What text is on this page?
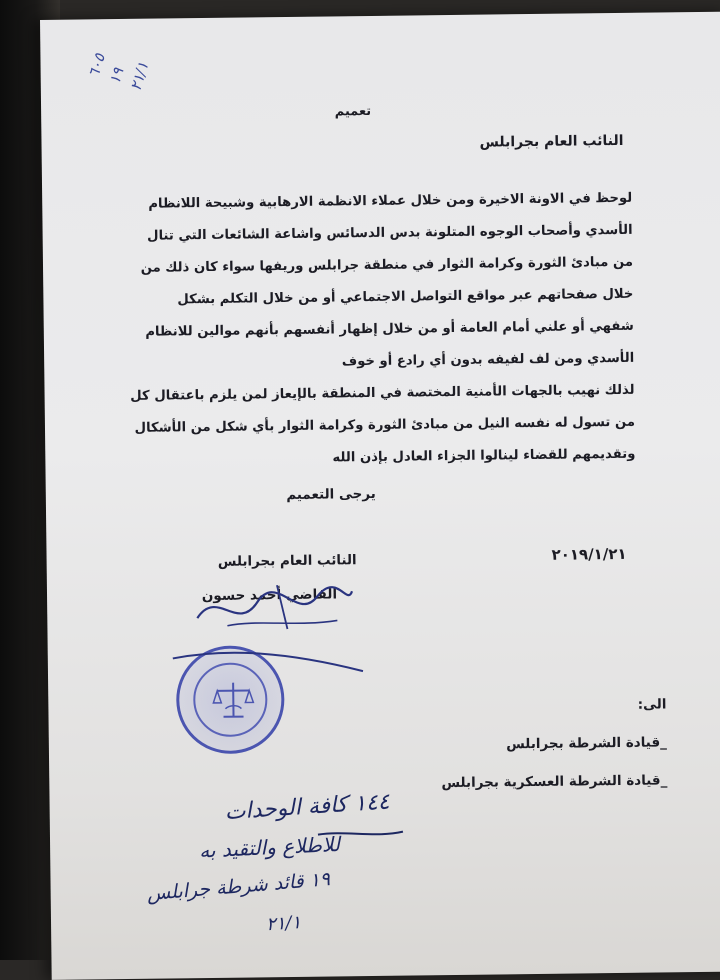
٦٠٥
١٩ ٢١/١
تعميم
النائب العام بجرابلس
لوحظ في الاونة الاخيرة ومن خلال عملاء الانظمة الارهابية وشبيحة اللانظام
الأسدي وأصحاب الوجوه المتلونة بدس الدسائس واشاعة الشائعات التي تنال
من مبادئ الثورة وكرامة الثوار في منطقة جرابلس وريفها سواء كان ذلك من
خلال صفحاتهم عبر مواقع التواصل الاجتماعي أو من خلال التكلم بشكل
شفهي أو علني أمام العامة أو من خلال إظهار أنفسهم بأنهم موالين للانظام
الأسدي ومن لف لفيفه بدون أي رادع أو خوف
لذلك نهيب بالجهات الأمنية المختصة في المنطقة بالإيعاز لمن يلزم باعتقال كل
من تسول له نفسه النيل من مبادئ الثورة وكرامة الثوار بأي شكل من الأشكال
وتقديمهم للقضاء لينالوا الجزاء العادل بإذن الله
يرجى التعميم
٢٠١٩/١/٢١
النائب العام بجرابلس
القاضي أحمد حسون
الى:
_قيادة الشرطة بجرابلس
_قيادة الشرطة العسكرية بجرابلس
١٤٤ كافة الوحدات
للاطلاع والتقيد به
١٩ قائد شرطة جرابلس
٢١/١
